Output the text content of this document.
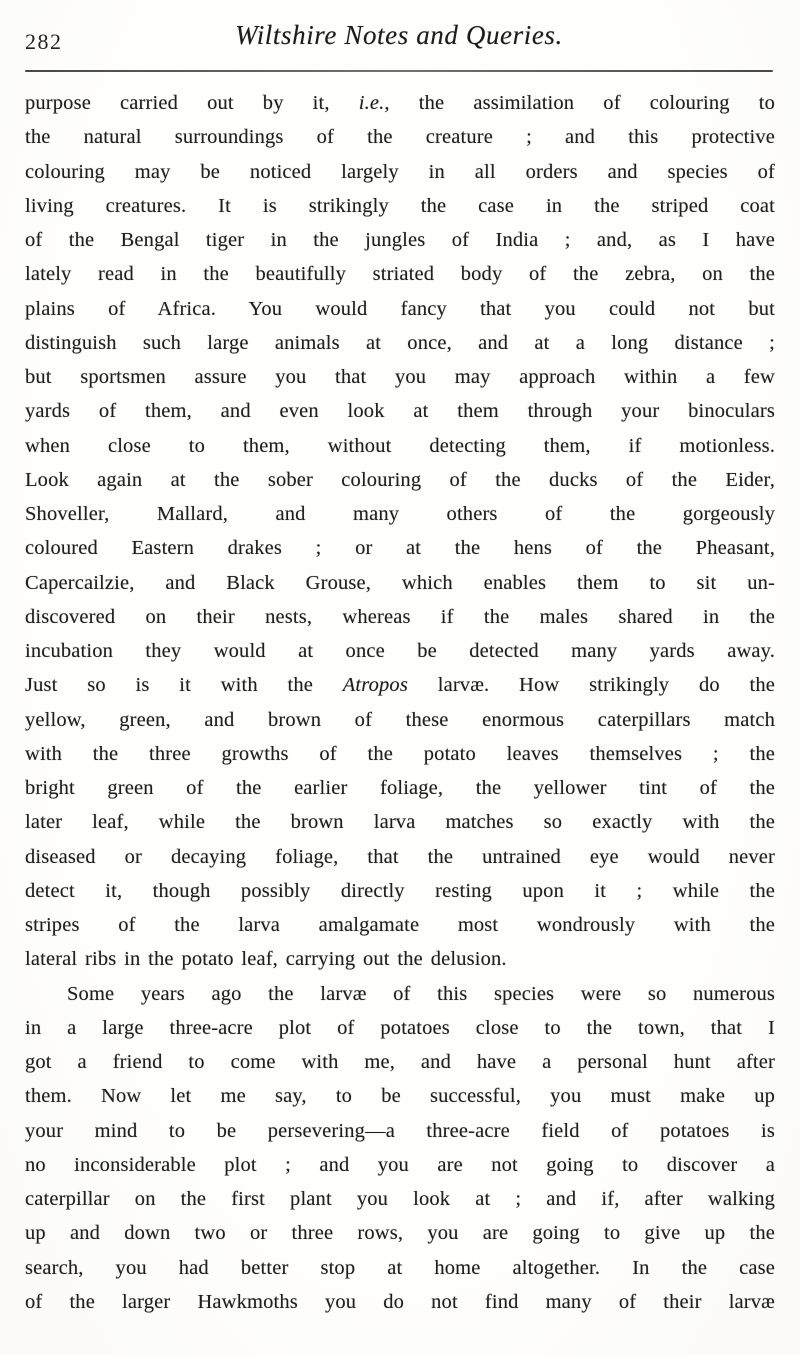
282	Wiltshire Notes and Queries.
purpose carried out by it, i.e., the assimilation of colouring to
the natural surroundings of the creature ; and this protective
colouring may be noticed largely in all orders and species of
living creatures. It is strikingly the case in the striped coat
of the Bengal tiger in the jungles of India ; and, as I have
lately read in the beautifully striated body of the zebra, on the
plains of Africa. You would fancy that you could not but
distinguish such large animals at once, and at a long distance ;
but sportsmen assure you that you may approach within a few
yards of them, and even look at them through your binoculars
when close to them, without detecting them, if motionless.
Look again at the sober colouring of the ducks of the Eider,
Shoveller, Mallard, and many others of the gorgeously
coloured Eastern drakes ; or at the hens of the Pheasant,
Capercailzie, and Black Grouse, which enables them to sit un-
discovered on their nests, whereas if the males shared in the
incubation they would at once be detected many yards away.
Just so is it with the Atropos larvæ. How strikingly do the
yellow, green, and brown of these enormous caterpillars match
with the three growths of the potato leaves themselves ; the
bright green of the earlier foliage, the yellower tint of the
later leaf, while the brown larva matches so exactly with the
diseased or decaying foliage, that the untrained eye would never
detect it, though possibly directly resting upon it ; while the
stripes of the larva amalgamate most wondrously with the
lateral ribs in the potato leaf, carrying out the delusion.
Some years ago the larvæ of this species were so numerous
in a large three-acre plot of potatoes close to the town, that I
got a friend to come with me, and have a personal hunt after
them. Now let me say, to be successful, you must make up
your mind to be persevering—a three-acre field of potatoes is
no inconsiderable plot ; and you are not going to discover a
caterpillar on the first plant you look at ; and if, after walking
up and down two or three rows, you are going to give up the
search, you had better stop at home altogether. In the case
of the larger Hawkmoths you do not find many of their larvæ
